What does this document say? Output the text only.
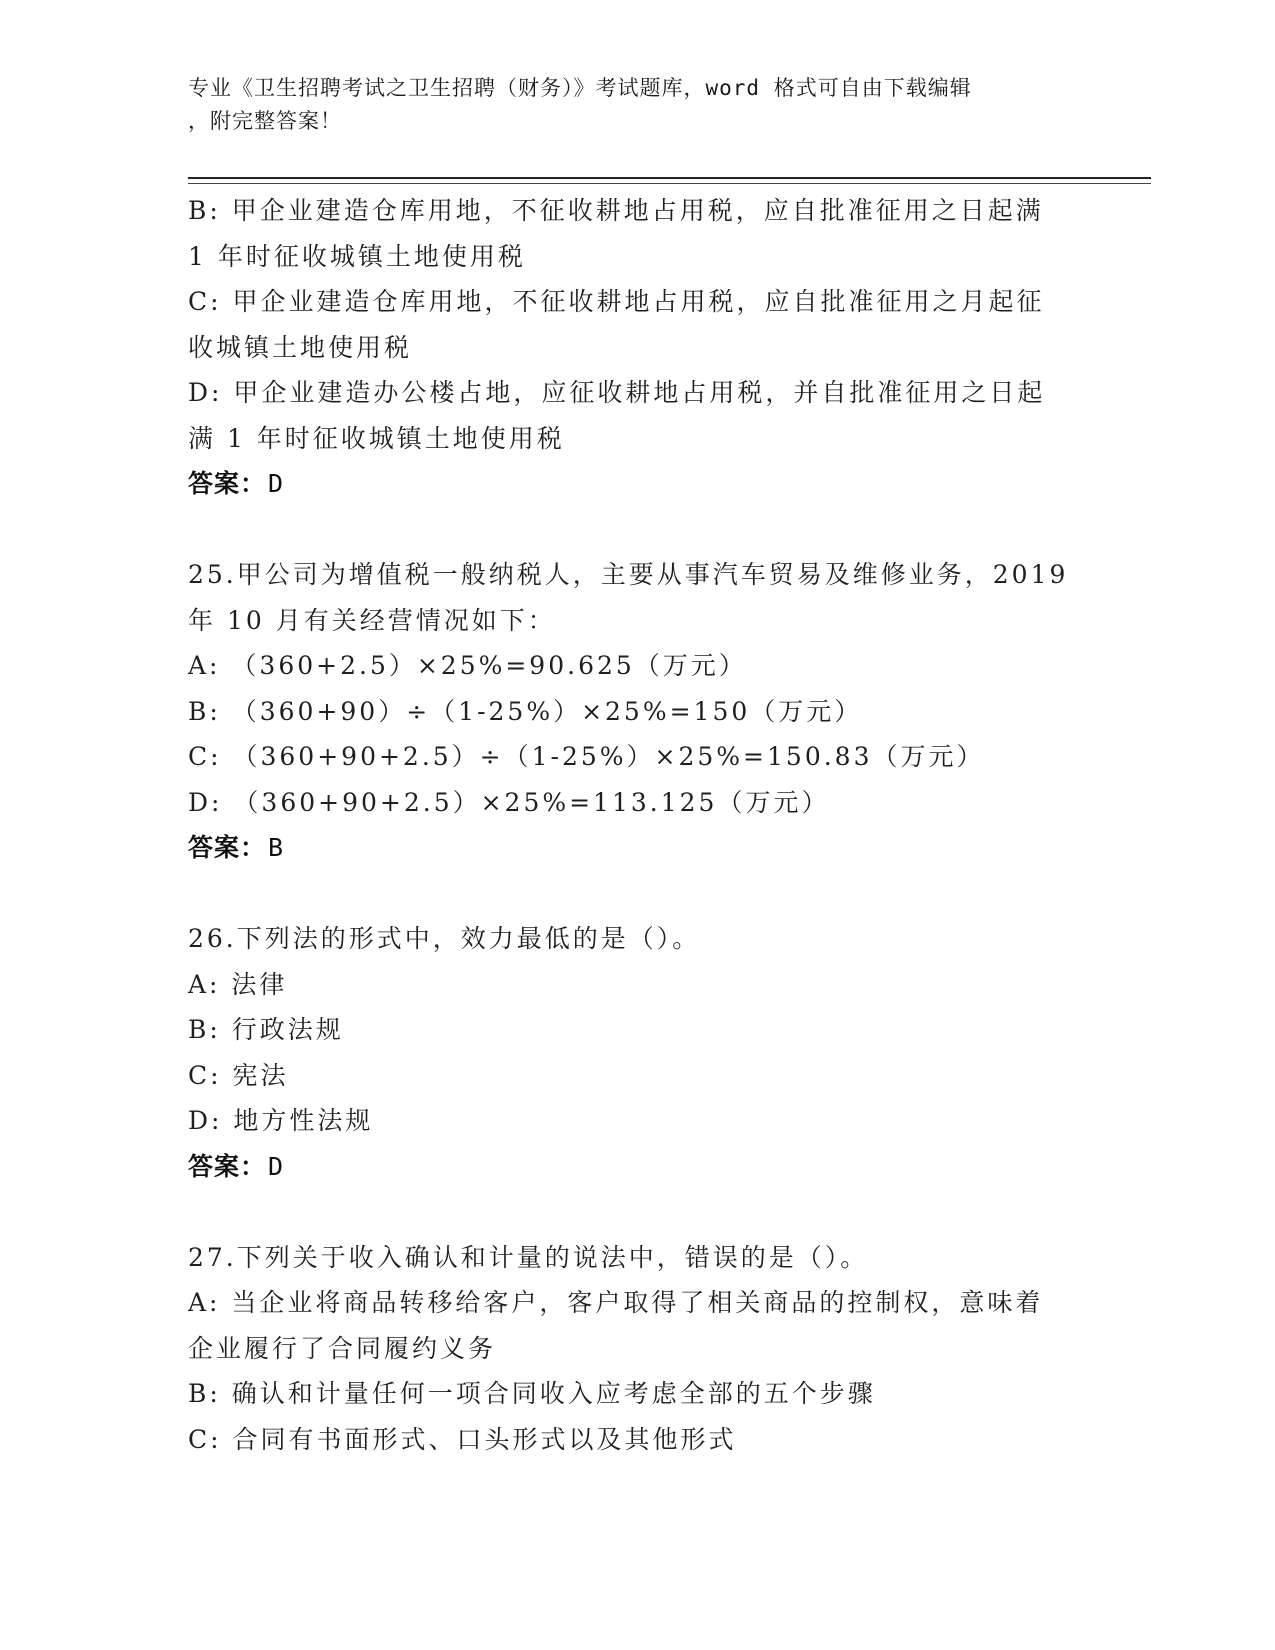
专业《卫生招聘考试之卫生招聘（财务）》考试题库，word 格式可自由下载编辑
，附完整答案！
B: 甲企业建造仓库用地，不征收耕地占用税，应自批准征用之日起满
1 年时征收城镇土地使用税
C: 甲企业建造仓库用地，不征收耕地占用税，应自批准征用之月起征
收城镇土地使用税
D: 甲企业建造办公楼占地，应征收耕地占用税，并自批准征用之日起
满 1 年时征收城镇土地使用税
答案：D
25.甲公司为增值税一般纳税人，主要从事汽车贸易及维修业务，2019
年 10 月有关经营情况如下：
A: （360+2.5）×25%=90.625（万元）
B: （360+90）÷（1-25%）×25%=150（万元）
C: （360+90+2.5）÷（1-25%）×25%=150.83（万元）
D: （360+90+2.5）×25%=113.125（万元）
答案：B
26.下列法的形式中，效力最低的是（）。
A: 法律
B: 行政法规
C: 宪法
D: 地方性法规
答案：D
27.下列关于收入确认和计量的说法中，错误的是（）。
A: 当企业将商品转移给客户，客户取得了相关商品的控制权，意味着
企业履行了合同履约义务
B: 确认和计量任何一项合同收入应考虑全部的五个步骤
C: 合同有书面形式、口头形式以及其他形式
